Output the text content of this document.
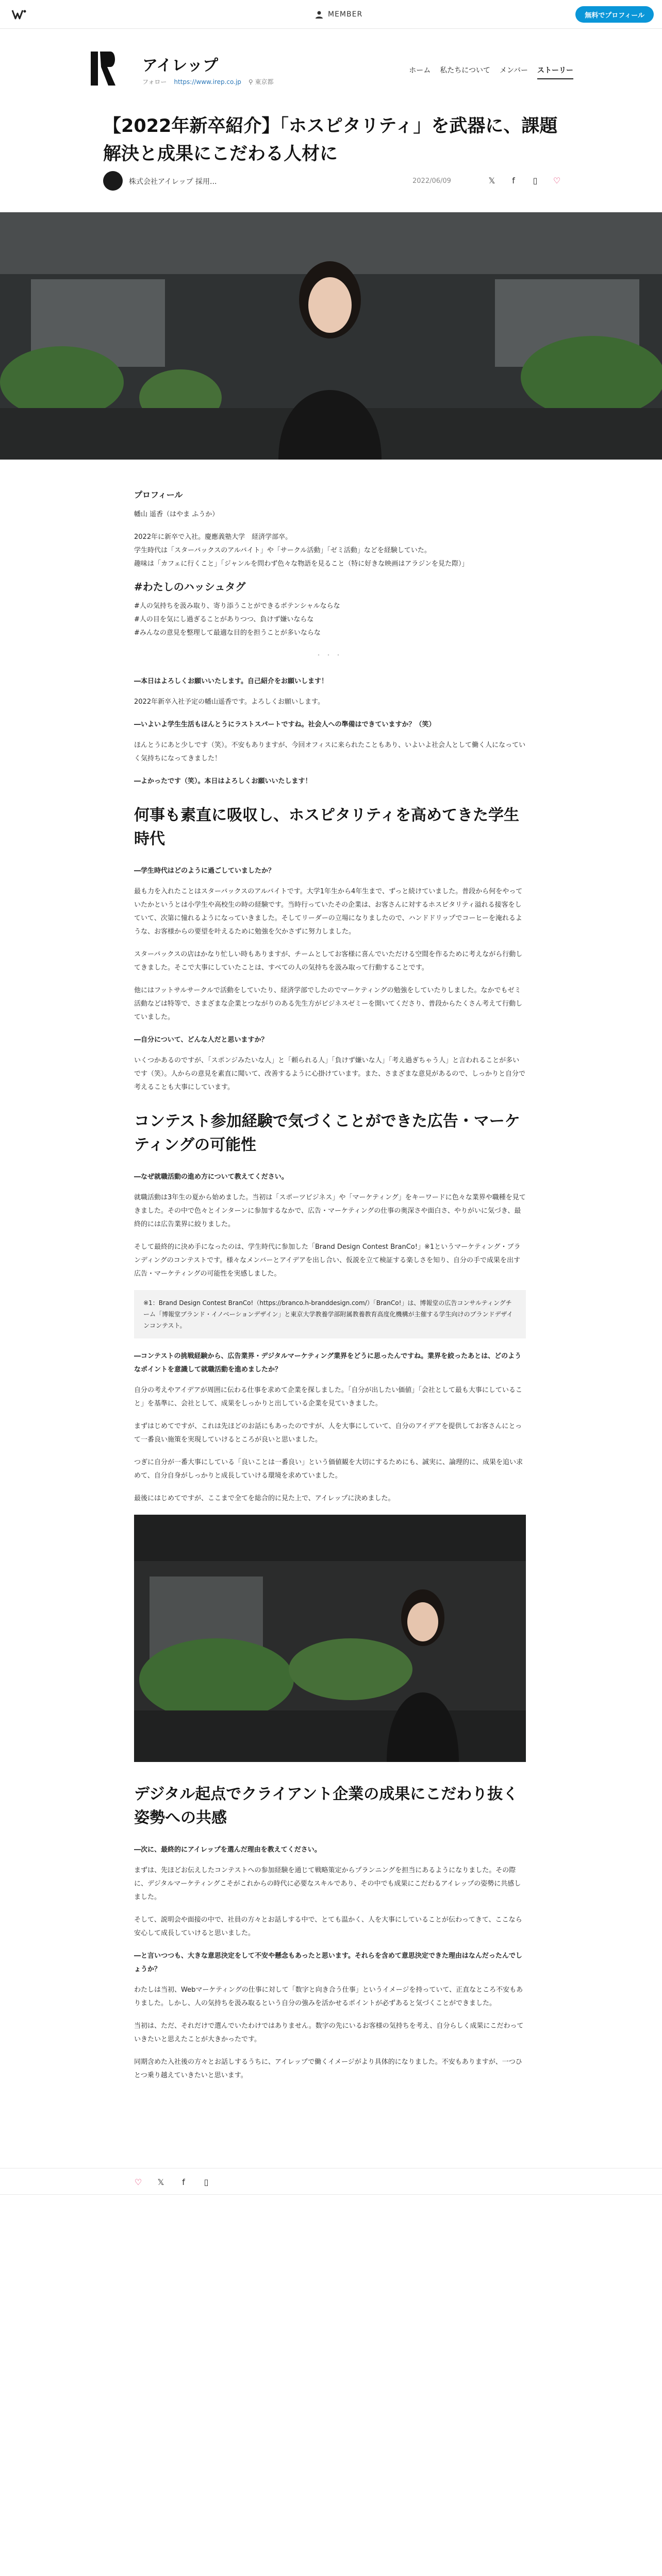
MEMBER	無料でプロフィール
アイレップ
フォロー https://www.irep.co.jp ⚲ 東京都
ホーム 私たちについて メンバー ストーリー
【2022年新卒紹介】「ホスピタリティ」を武器に、課題解決と成果にこだわる人材に
株式会社アイレップ 採用...	2022/06/09	𝕏	f	▯	♡
プロフィール

幡山 遥香（はやま ふうか）

2022年に新卒で入社。慶應義塾大学　経済学部卒。

学生時代は「スターバックスのアルバイト」や「サークル活動」「ゼミ活動」などを経験していた。

趣味は「カフェに行くこと」「ジャンルを問わず色々な物語を見ること（特に好きな映画はアラジンを見た際）」

#わたしのハッシュタグ

#人の気持ちを汲み取り、寄り添うことができるポテンシャルならな

#人の目を気にし過ぎることがありつつ、負けず嫌いならな

#みんなの意見を整理して最適な目的を担うことが多いならな

・・・

―本日はよろしくお願いいたします。自己紹介をお願いします！

2022年新卒入社予定の幡山遥香です。よろしくお願いします。

―いよいよ学生生活もほんとうにラストスパートですね。社会人への準備はできていますか？（笑）

ほんとうにあと少しです（笑）。不安もありますが、今回オフィスに来られたこともあり、いよいよ社会人として働く人になっていく気持ちになってきました！

―よかったです（笑）。本日はよろしくお願いいたします！

何事も素直に吸収し、ホスピタリティを高めてきた学生時代

―学生時代はどのように過ごしていましたか？

最も力を入れたことはスターバックスのアルバイトです。大学1年生から4年生まで、ずっと続けていました。普段から何をやっていたかというとは小学生や高校生の時の経験です。当時行っていたその企業は、お客さんに対するホスピタリティ溢れる接客をしていて、次第に憧れるようになっていきました。そしてリーダーの立場になりましたので、ハンドドリップでコーヒーを淹れるような、お客様からの要望を叶えるために勉強を欠かさずに努力しました。

スターバックスの店はかなり忙しい時もありますが、チームとしてお客様に喜んでいただける空間を作るために考えながら行動してきました。そこで大事にしていたことは、すべての人の気持ちを汲み取って行動することです。

他にはフットサルサークルで活動をしていたり、経済学部でしたのでマーケティングの勉強をしていたりしました。なかでもゼミ活動などは特等で、さまざまな企業とつながりのある先生方がビジネスゼミーを開いてくださり、普段からたくさん考えて行動していました。

―自分について、どんな人だと思いますか？

いくつかあるのですが、「スポンジみたいな人」と「頼られる人」「負けず嫌いな人」「考え過ぎちゃう人」と言われることが多いです（笑）。人からの意見を素直に聞いて、改善するように心掛けています。また、さまざまな意見があるので、しっかりと自分で考えることも大事にしています。

コンテスト参加経験で気づくことができた広告・マーケティングの可能性

―なぜ就職活動の進め方について教えてください。

就職活動は3年生の夏から始めました。当初は「スポーツビジネス」や「マーケティング」をキーワードに色々な業界や職種を見てきました。その中で色々とインターンに参加するなかで、広告・マーケティングの仕事の奥深さや面白さ、やりがいに気づき、最終的には広告業界に絞りました。

そして最終的に決め手になったのは、学生時代に参加した「Brand Design Contest BranCo!」※1というマーケティング・ブランディングのコンテストです。様々なメンバーとアイデアを出し合い、仮説を立て検証する楽しさを知り、自分の手で成果を出す広告・マーケティングの可能性を実感しました。

※1：Brand Design Contest BranCo!（https://branco.h-branddesign.com/）「BranCo!」は、博報堂の広告コンサルティングチーム「博報堂ブランド・イノベーションデザイン」と東京大学教養学部附属教養教育高度化機構が主催する学生向けのブランドデザインコンテスト。

―コンテストの挑戦経験から、広告業界・デジタルマーケティング業界をどうに思ったんですね。業界を絞ったあとは、どのようなポイントを意識して就職活動を進めましたか？

自分の考えやアイデアが周囲に伝わる仕事を求めて企業を探しました。「自分が出したい価値」「会社として最も大事にしていること」を基準に、会社として、成果をしっかりと出している企業を見ていきました。

まずはじめてですが、これは先ほどのお話にもあったのですが、人を大事にしていて、自分のアイデアを提供してお客さんにとって一番良い施策を実現していけるところが良いと思いました。

つぎに自分が一番大事にしている「良いことは一番良い」という価値観を大切にするためにも、誠実に、論理的に、成果を追い求めて、自分自身がしっかりと成長していける環境を求めていました。

最後にはじめてですが、ここまで全てを総合的に見た上で、アイレップに決めました。

デジタル起点でクライアント企業の成果にこだわり抜く姿勢への共感

―次に、最終的にアイレップを選んだ理由を教えてください。

まずは、先ほどお伝えしたコンテストへの参加経験を通じて戦略策定からプランニングを担当にあるようになりました。その際に、デジタルマーケティングこそがこれからの時代に必要なスキルであり、その中でも成果にこだわるアイレップの姿勢に共感しました。

そして、説明会や面接の中で、社員の方々とお話しする中で、とても温かく、人を大事にしていることが伝わってきて、ここなら安心して成長していけると思いました。

―と言いつつも、大きな意思決定をして不安や懸念もあったと思います。それらを含めて意思決定できた理由はなんだったんでしょうか？

わたしは当初、Webマーケティングの仕事に対して「数字と向き合う仕事」というイメージを持っていて、正直なところ不安もありました。しかし、人の気持ちを汲み取るという自分の強みを活かせるポイントが必ずあると気づくことができました。

当初は、ただ、それだけで選んでいたわけではありません。数字の先にいるお客様の気持ちを考え、自分らしく成果にこだわっていきたいと思えたことが大きかったです。

同期含めた入社後の方々とお話しするうちに、アイレップで働くイメージがより具体的になりました。不安もありますが、一つひとつ乗り越えていきたいと思います。

♡ 𝕏	f	▯
